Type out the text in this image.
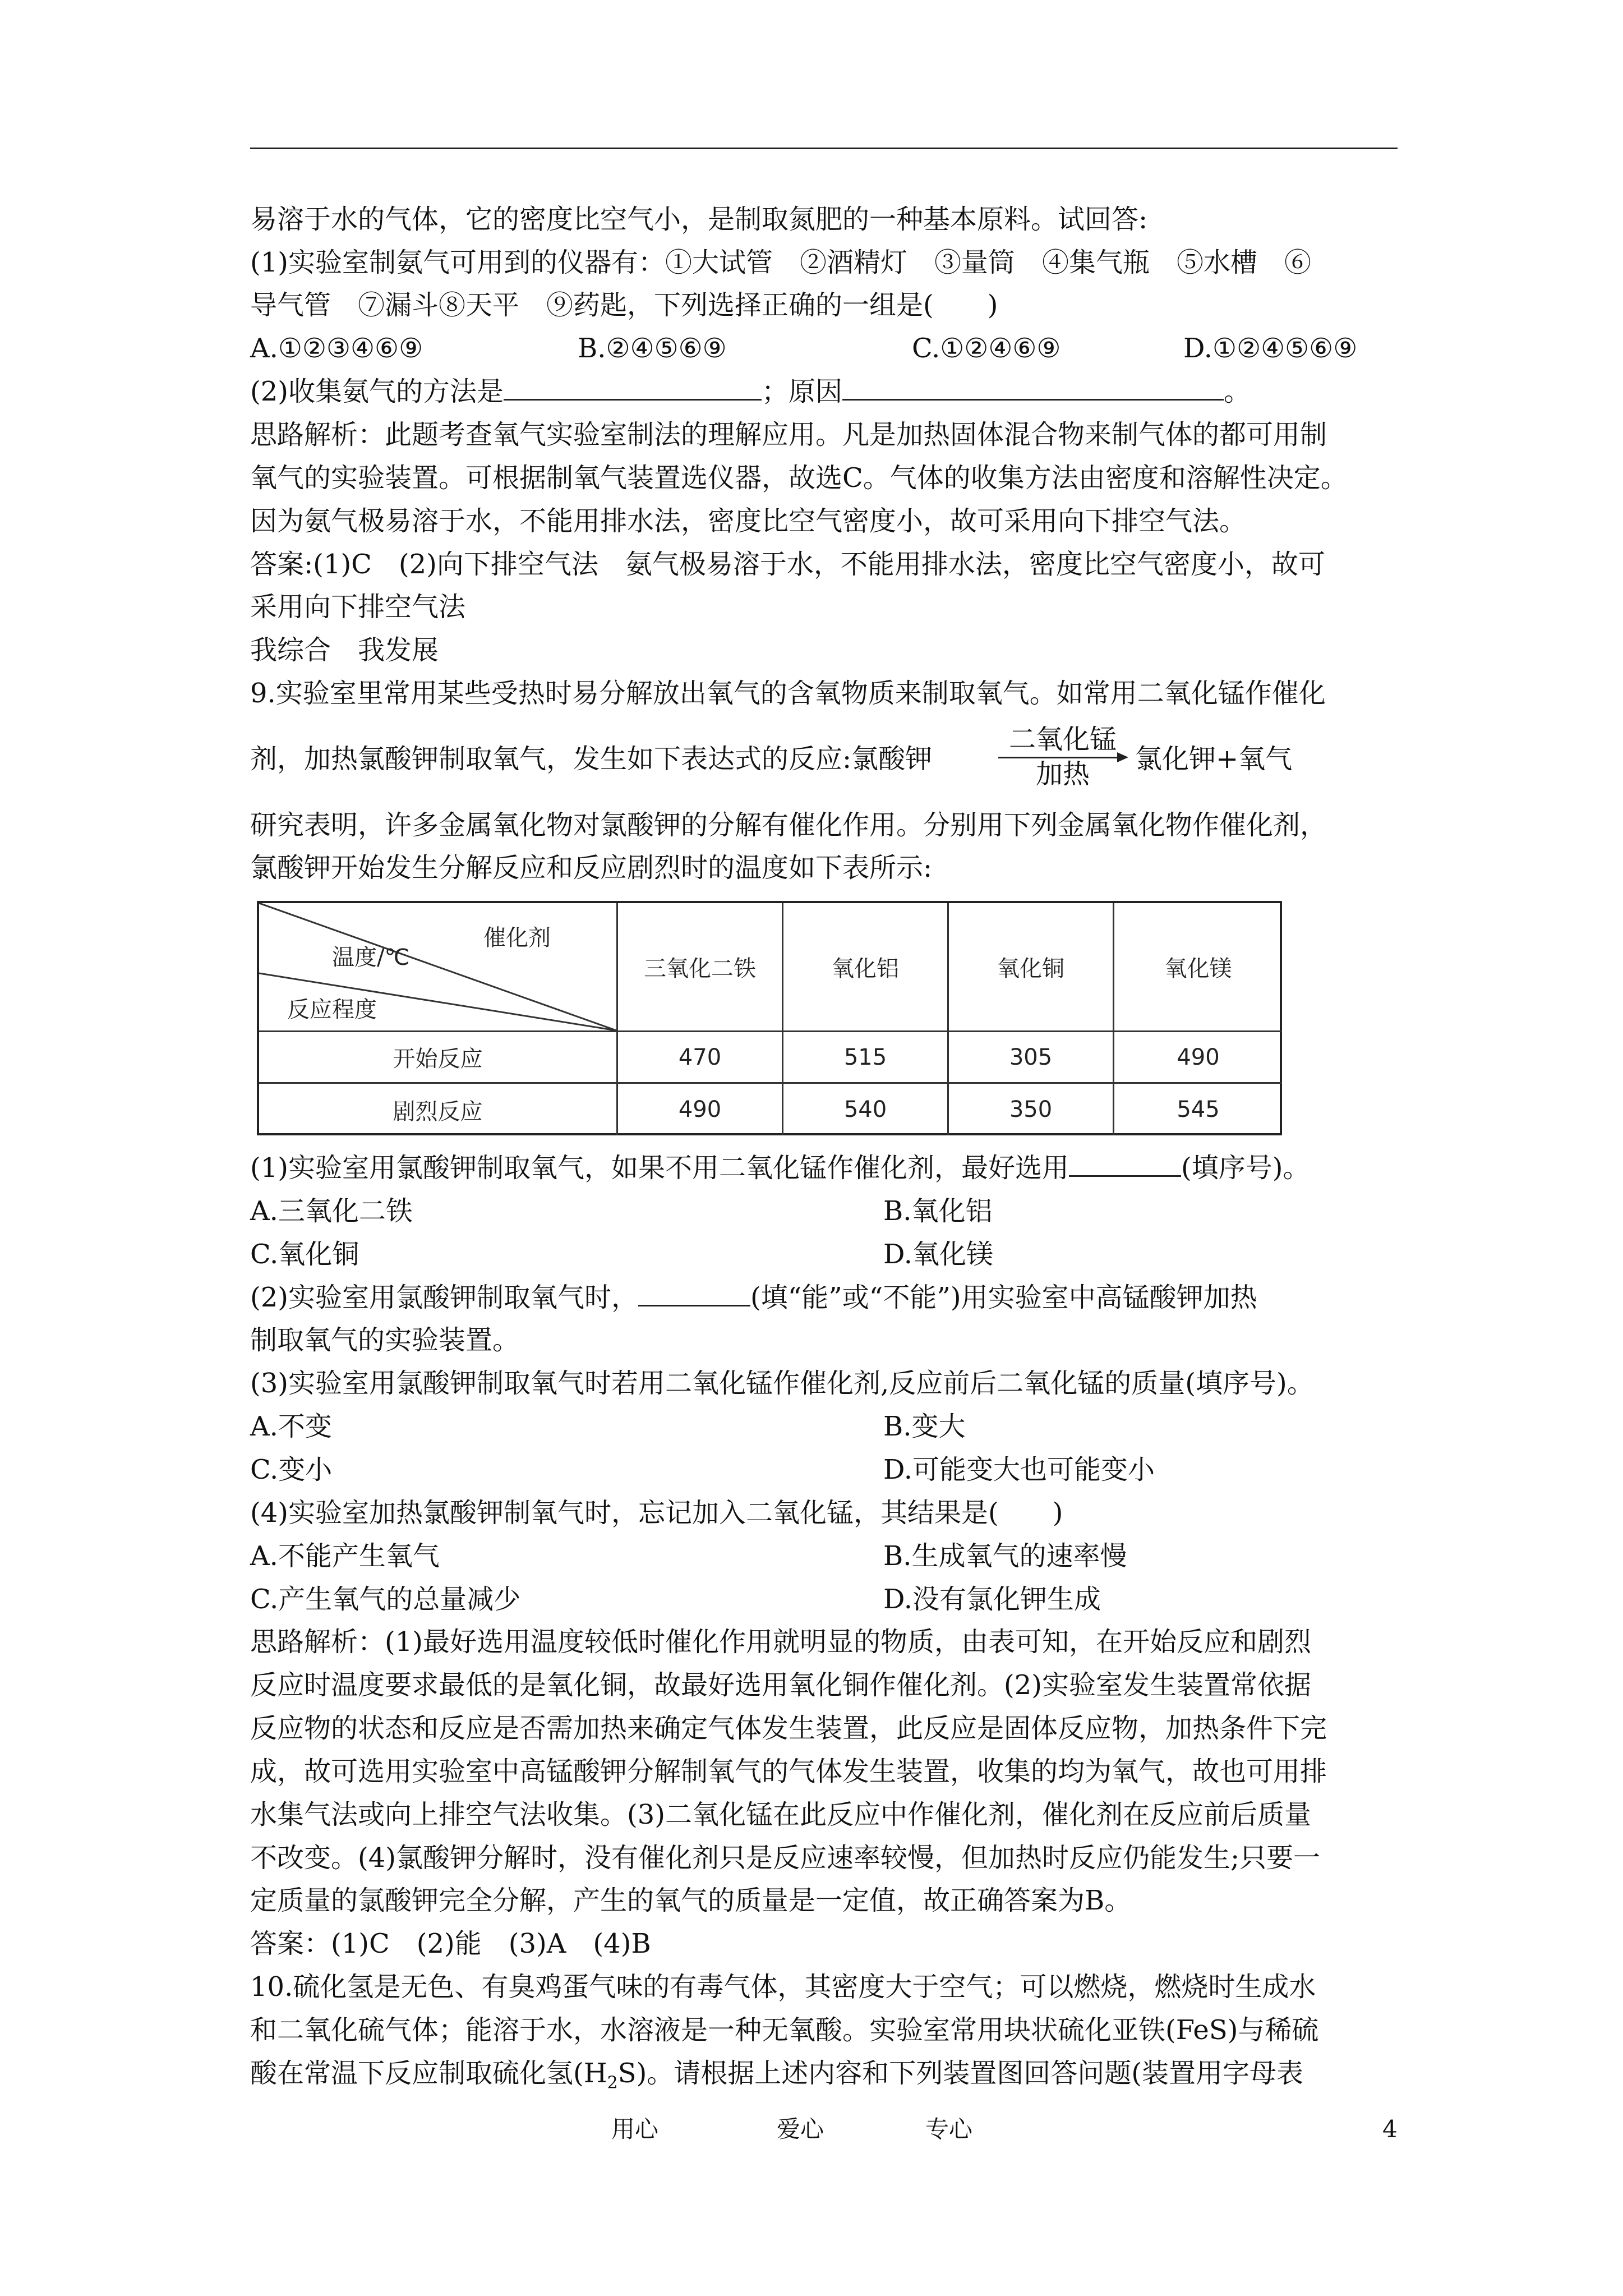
易溶于水的气体，它的密度比空气小，是制取氮肥的一种基本原料。试回答:
(1)实验室制氨气可用到的仪器有：①大试管　②酒精灯　③量筒　④集气瓶　⑤水槽　⑥
导气管　⑦漏斗⑧天平　⑨药匙，下列选择正确的一组是(　　)
A.①②③④⑥⑨	B.②④⑤⑥⑨	C.①②④⑥⑨	D.①②④⑤⑥⑨
(2)收集氨气的方法是	；原因	。
思路解析：此题考查氧气实验室制法的理解应用。凡是加热固体混合物来制气体的都可用制
氧气的实验装置。可根据制氧气装置选仪器，故选C。气体的收集方法由密度和溶解性决定。
因为氨气极易溶于水，不能用排水法，密度比空气密度小，故可采用向下排空气法。
答案:(1)C　(2)向下排空气法　氨气极易溶于水，不能用排水法，密度比空气密度小，故可
采用向下排空气法
我综合　我发展
9.实验室里常用某些受热时易分解放出氧气的含氧物质来制取氧气。如常用二氧化锰作催化
剂，加热氯酸钾制取氧气，发生如下表达式的反应:氯酸钾
二氧化锰
加热	氯化钾+氧气
研究表明，许多金属氧化物对氯酸钾的分解有催化作用。分别用下列金属氧化物作催化剂，
氯酸钾开始发生分解反应和反应剧烈时的温度如下表所示:
催化剂
温度/℃
反应程度
三氧化二铁	氧化铝	氧化铜	氧化镁
开始反应	470	515	305	490
剧烈反应	490	540	350	545
(1)实验室用氯酸钾制取氧气，如果不用二氧化锰作催化剂，最好选用	(填序号)。
A.三氧化二铁	B.氧化铝
C.氧化铜	D.氧化镁
(2)实验室用氯酸钾制取氧气时，	(填“能”或“不能”)用实验室中高锰酸钾加热
制取氧气的实验装置。
(3)实验室用氯酸钾制取氧气时若用二氧化锰作催化剂,反应前后二氧化锰的质量(填序号)。
A.不变	B.变大
C.变小	D.可能变大也可能变小
(4)实验室加热氯酸钾制氧气时，忘记加入二氧化锰，其结果是(　　)
A.不能产生氧气	B.生成氧气的速率慢
C.产生氧气的总量减少	D.没有氯化钾生成
思路解析：(1)最好选用温度较低时催化作用就明显的物质，由表可知，在开始反应和剧烈
反应时温度要求最低的是氧化铜，故最好选用氧化铜作催化剂。(2)实验室发生装置常依据
反应物的状态和反应是否需加热来确定气体发生装置，此反应是固体反应物，加热条件下完
成，故可选用实验室中高锰酸钾分解制氧气的气体发生装置，收集的均为氧气，故也可用排
水集气法或向上排空气法收集。(3)二氧化锰在此反应中作催化剂，催化剂在反应前后质量
不改变。(4)氯酸钾分解时，没有催化剂只是反应速率较慢，但加热时反应仍能发生;只要一
定质量的氯酸钾完全分解，产生的氧气的质量是一定值，故正确答案为B。
答案：(1)C　(2)能　(3)A　(4)B
10.硫化氢是无色、有臭鸡蛋气味的有毒气体，其密度大于空气；可以燃烧，燃烧时生成水
和二氧化硫气体；能溶于水，水溶液是一种无氧酸。实验室常用块状硫化亚铁(FeS)与稀硫
酸在常温下反应制取硫化氢$(H_2S)$。请根据上述内容和下列装置图回答问题(装置用字母表
用心	爱心	专心	4
